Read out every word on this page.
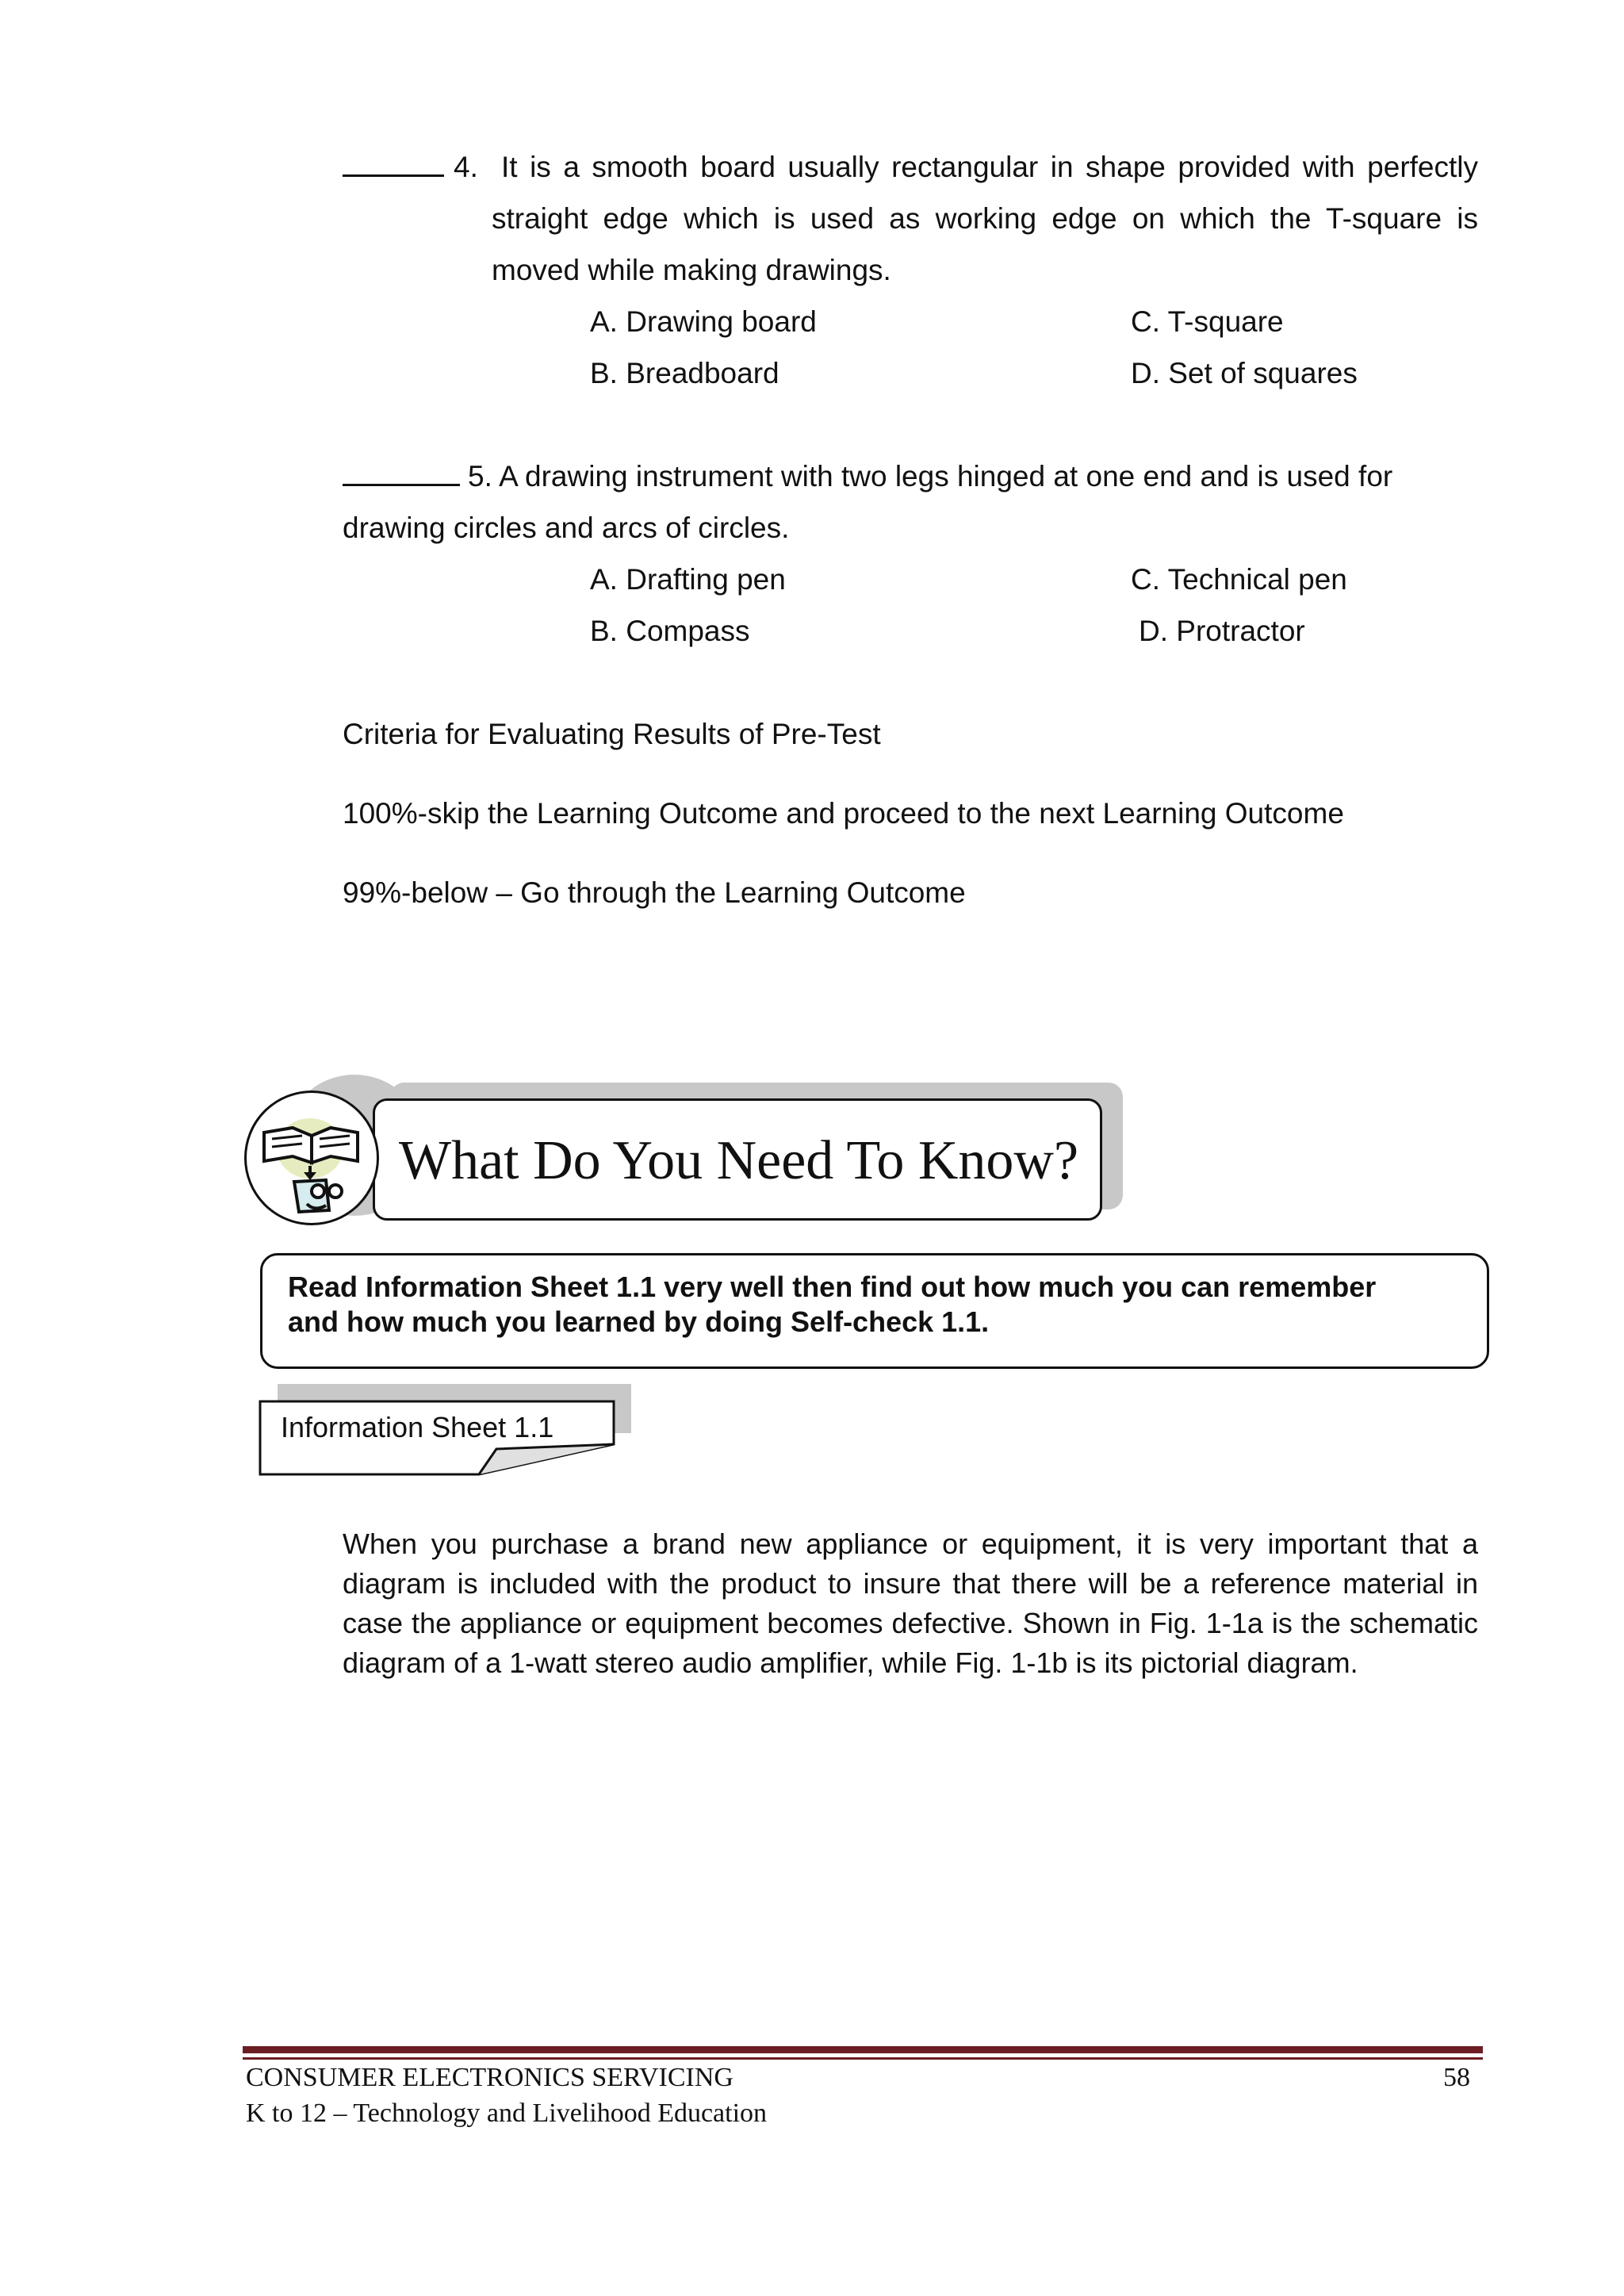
4. It is a smooth board usually rectangular in shape provided with perfectly
straight edge which is used as working edge on which the T-square is
moved while making drawings.
A. Drawing board
B. Breadboard
C. T-square
D. Set of squares
5. A drawing instrument with two legs hinged at one end and is used for
drawing circles and arcs of circles.
A. Drafting pen
B. Compass
C. Technical pen
D. Protractor
Criteria for Evaluating Results of Pre-Test
100%-skip the Learning Outcome and proceed to the next Learning Outcome
99%-below – Go through the Learning Outcome
What Do You Need To Know?
Read Information Sheet 1.1 very well then find out how much you can remember
and how much you learned by doing Self-check 1.1.
Information Sheet 1.1
When you purchase a brand new appliance or equipment, it is very important that a diagram is included with the product to insure that there will be a reference material in case the appliance or equipment becomes defective. Shown in Fig. 1-1a is the schematic diagram of a 1-watt stereo audio amplifier, while Fig. 1-1b is its pictorial diagram.
CONSUMER ELECTRONICS SERVICING
K to 12 – Technology and Livelihood Education
58
